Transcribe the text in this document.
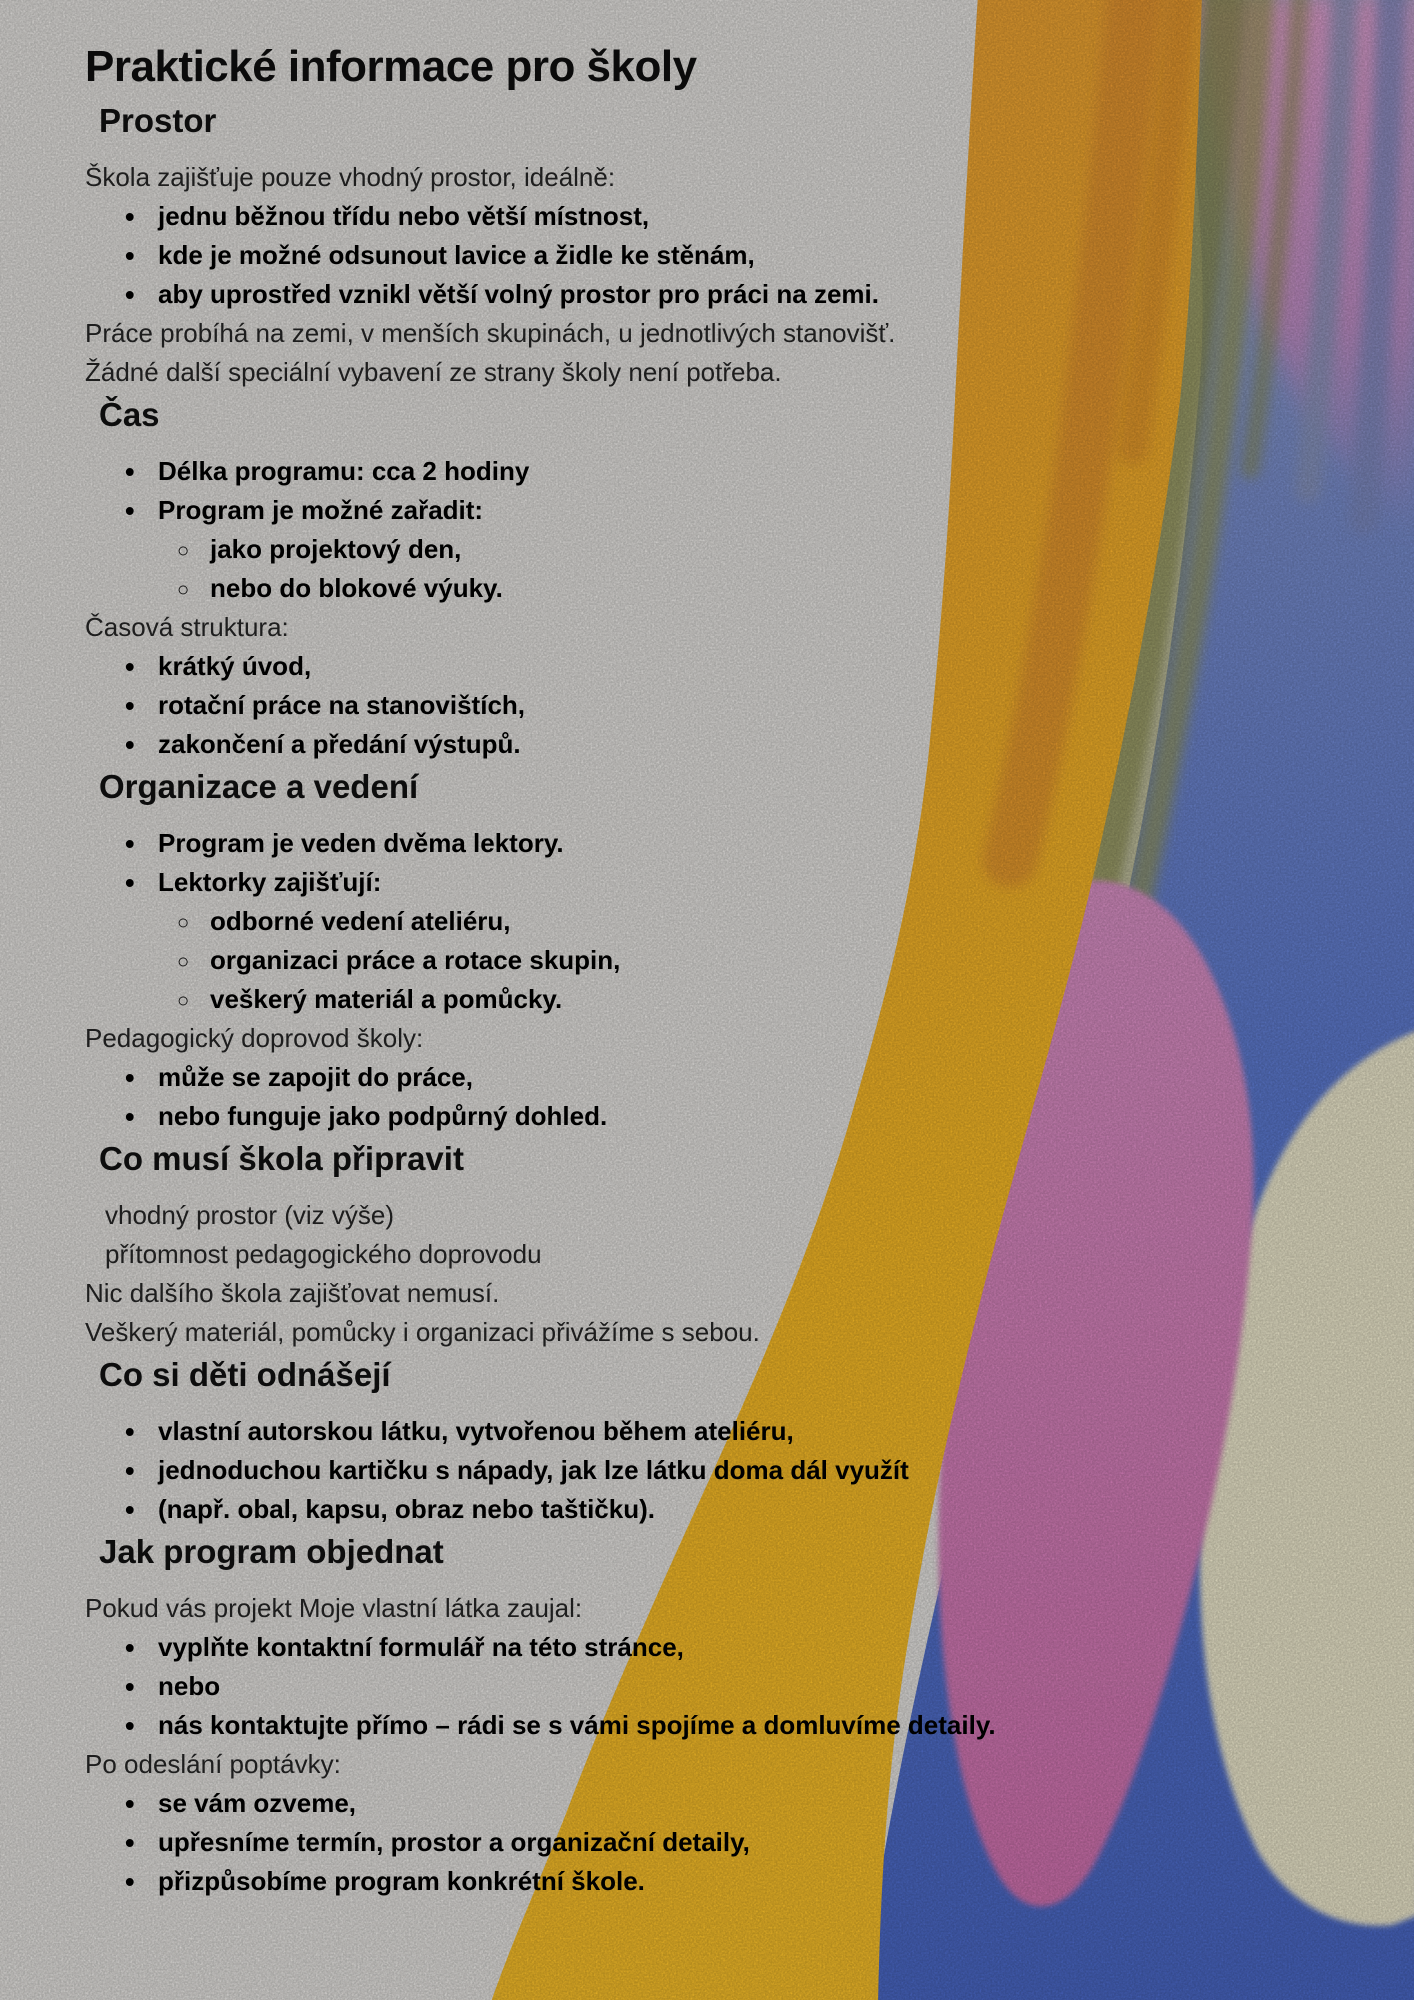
Praktické informace pro školy
Prostor
Škola zajišťuje pouze vhodný prostor, ideálně:
• jednu běžnou třídu nebo větší místnost,
• kde je možné odsunout lavice a židle ke stěnám,
• aby uprostřed vznikl větší volný prostor pro práci na zemi.
Práce probíhá na zemi, v menších skupinách, u jednotlivých stanovišť.
Žádné další speciální vybavení ze strany školy není potřeba.
Čas
• Délka programu: cca 2 hodiny
• Program je možné zařadit:
○ jako projektový den,
○ nebo do blokové výuky.
Časová struktura:
• krátký úvod,
• rotační práce na stanovištích,
• zakončení a předání výstupů.
Organizace a vedení
• Program je veden dvěma lektory.
• Lektorky zajišťují:
○ odborné vedení ateliéru,
○ organizaci práce a rotace skupin,
○ veškerý materiál a pomůcky.
Pedagogický doprovod školy:
• může se zapojit do práce,
• nebo funguje jako podpůrný dohled.
Co musí škola připravit
vhodný prostor (viz výše)
přítomnost pedagogického doprovodu
Nic dalšího škola zajišťovat nemusí.
Veškerý materiál, pomůcky i organizaci přivážíme s sebou.
Co si děti odnášejí
• vlastní autorskou látku, vytvořenou během ateliéru,
• jednoduchou kartičku s nápady, jak lze látku doma dál využít
• (např. obal, kapsu, obraz nebo taštičku).
Jak program objednat
Pokud vás projekt Moje vlastní látka zaujal:
• vyplňte kontaktní formulář na této stránce,
• nebo
• nás kontaktujte přímo – rádi se s vámi spojíme a domluvíme detaily.
Po odeslání poptávky:
• se vám ozveme,
• upřesníme termín, prostor a organizační detaily,
• přizpůsobíme program konkrétní škole.
